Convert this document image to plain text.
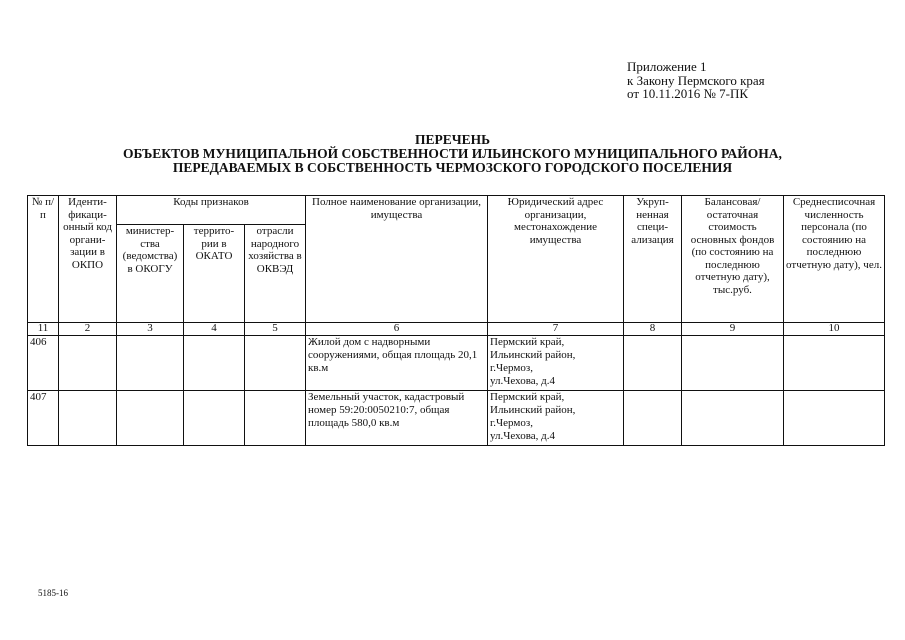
Приложение 1
к Закону Пермского края
от 10.11.2016 № 7-ПК
ПЕРЕЧЕНЬ
ОБЪЕКТОВ МУНИЦИПАЛЬНОЙ СОБСТВЕННОСТИ ИЛЬИНСКОГО МУНИЦИПАЛЬНОГО РАЙОНА,
ПЕРЕДАВАЕМЫХ В СОБСТВЕННОСТЬ ЧЕРМОЗСКОГО ГОРОДСКОГО ПОСЕЛЕНИЯ
№ п/п	Иденти-фикаци-онный код органи-зации в ОКПО	Коды признаков			Полное наименование организации, имущества	Юридический адрес организации, местонахождение имущества	Укруп-ненная специ-ализация	Балансовая/ остаточная стоимость основных фондов (по состоянию на последнюю отчетную дату), тыс.руб.	Среднесписочная численность персонала (по состоянию на последнюю отчетную дату), чел.
		министер-ства (ведомства) в ОКОГУ	террито-рии в ОКАТО	отрасли народного хозяйства в ОКВЭД					
11	2	3	4	5	6	7	8	9	10
406					Жилой дом с надворными сооружениями, общая площадь 20,1 кв.м	Пермский край,
Ильинский район,
г.Чермоз,
ул.Чехова, д.4			

407					Земельный участок, кадастровый номер 59:20:0050210:7, общая площадь 580,0 кв.м	Пермский край,
Ильинский район,
г.Чермоз,
ул.Чехова, д.4			

5185-16
